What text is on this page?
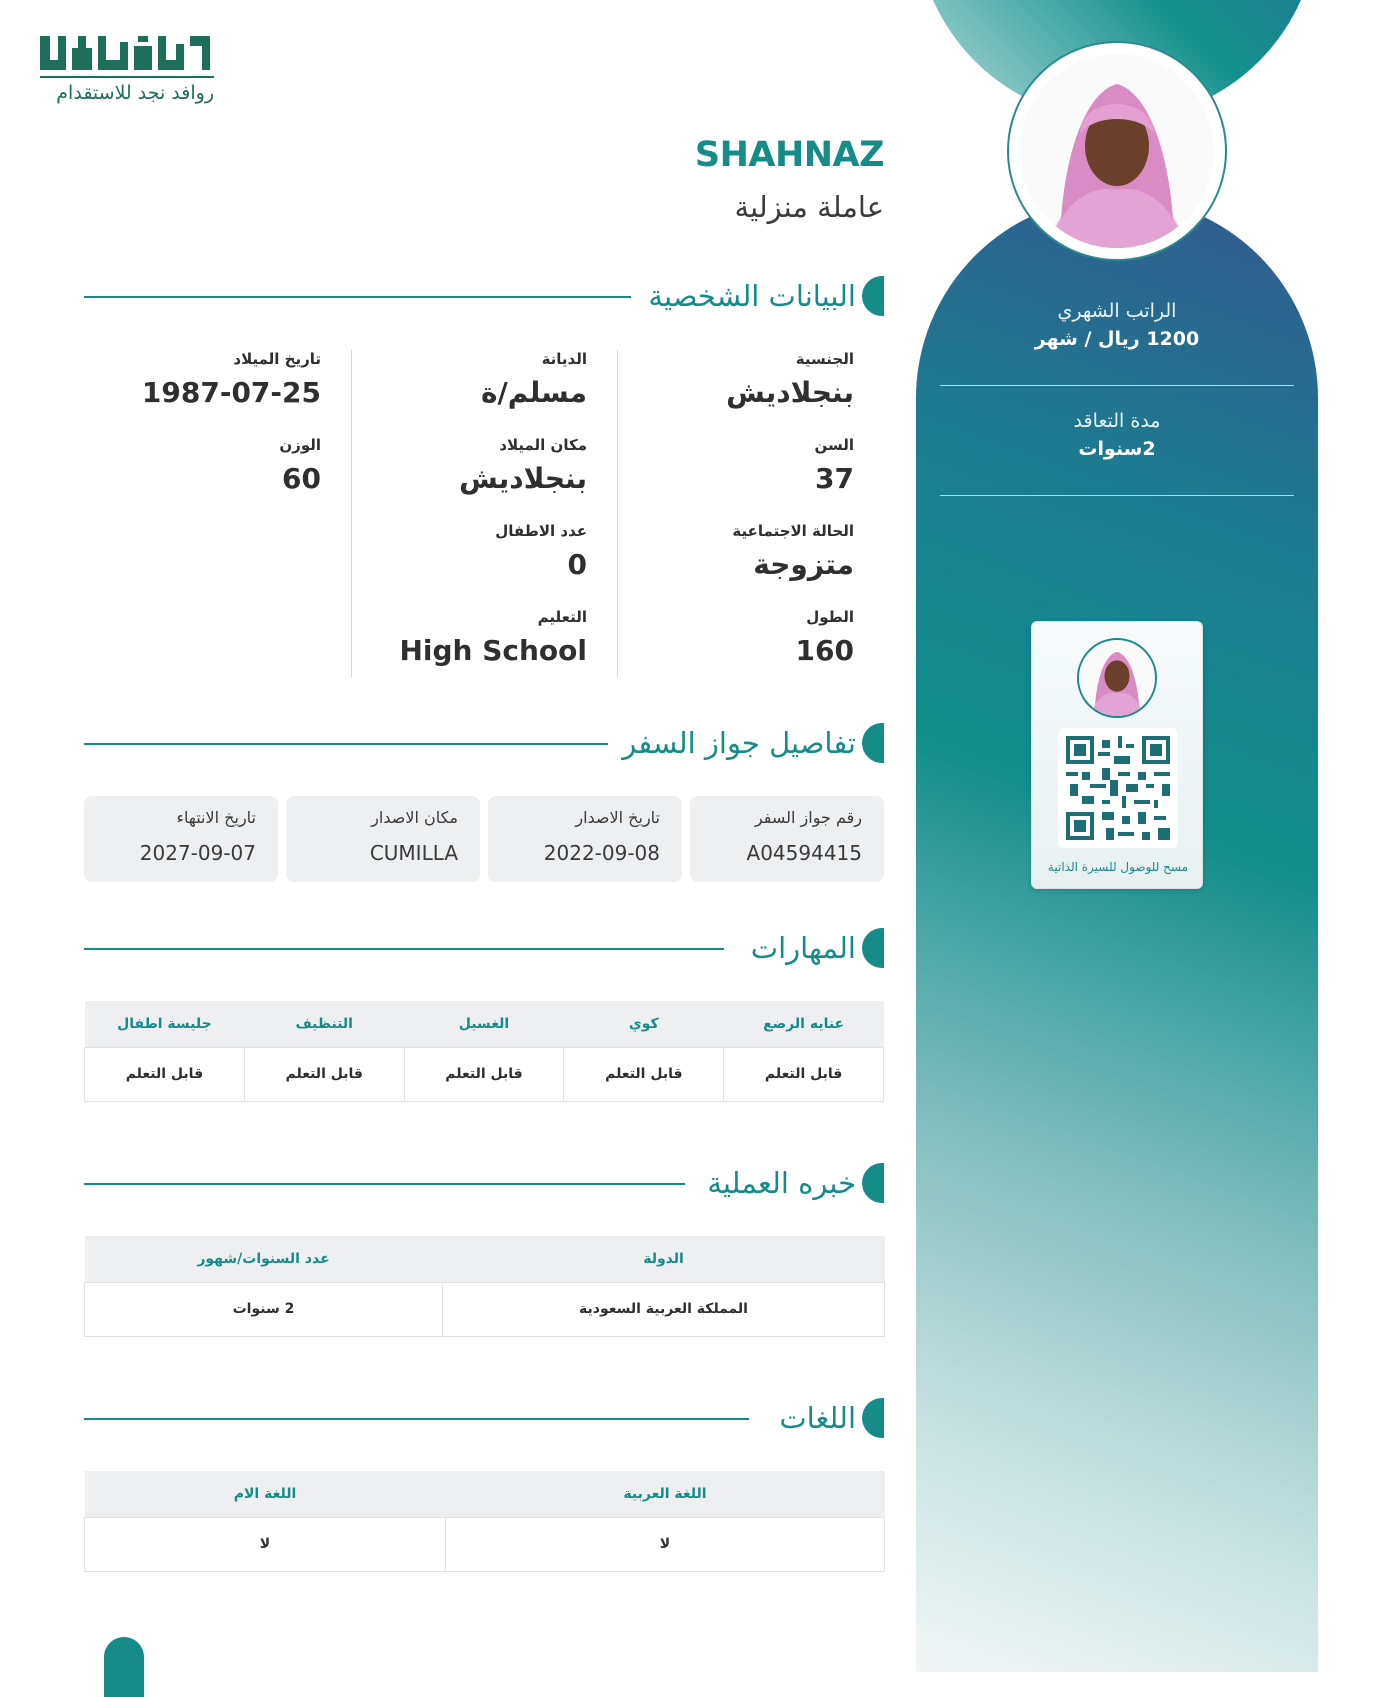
روافد نجد للاستقدام
الراتب الشهري
1200 ريال / شهر
مدة التعاقد
2سنوات
مسح للوصول للسيرة الذاتية
SHAHNAZ
عاملة منزلية
البيانات الشخصية
الجنسية
بنجلاديش
السن
37
الحالة الاجتماعية
متزوجة
الطول
160
الديانة
مسلم/ة
مكان الميلاد
بنجلاديش
عدد الاطفال
0
التعليم
High School
تاريخ الميلاد
1987-07-25
الوزن
60
تفاصيل جواز السفر
رقم جواز السفر
A04594415
تاريخ الاصدار
2022-09-08
مكان الاصدار
CUMILLA
تاريخ الانتهاء
2027-09-07
المهارات
عنايه الرضع	كوي	الغسيل	التنظيف	جليسة اطفال
قابل التعلم	قابل التعلم	قابل التعلم	قابل التعلم	قابل التعلم
خبره العملية
الدولة	عدد السنوات/شهور
المملكة العربية السعودية	2 سنوات
اللغات
اللغة العربية	اللغة الام
لا	لا
